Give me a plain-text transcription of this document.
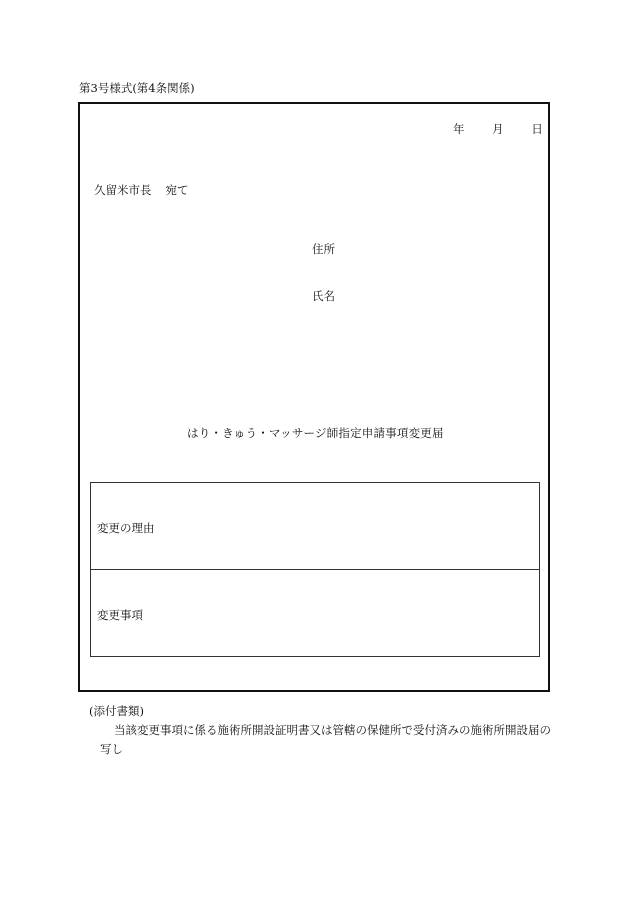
第3号様式(第4条関係)
年 月 日
久留米市長 宛て
住所
氏名
はり・きゅう・マッサージ師指定申請事項変更届
変更の理由
変更事項
(添付書類)
当該変更事項に係る施術所開設証明書又は管轄の保健所で受付済みの施術所開設届の写し
